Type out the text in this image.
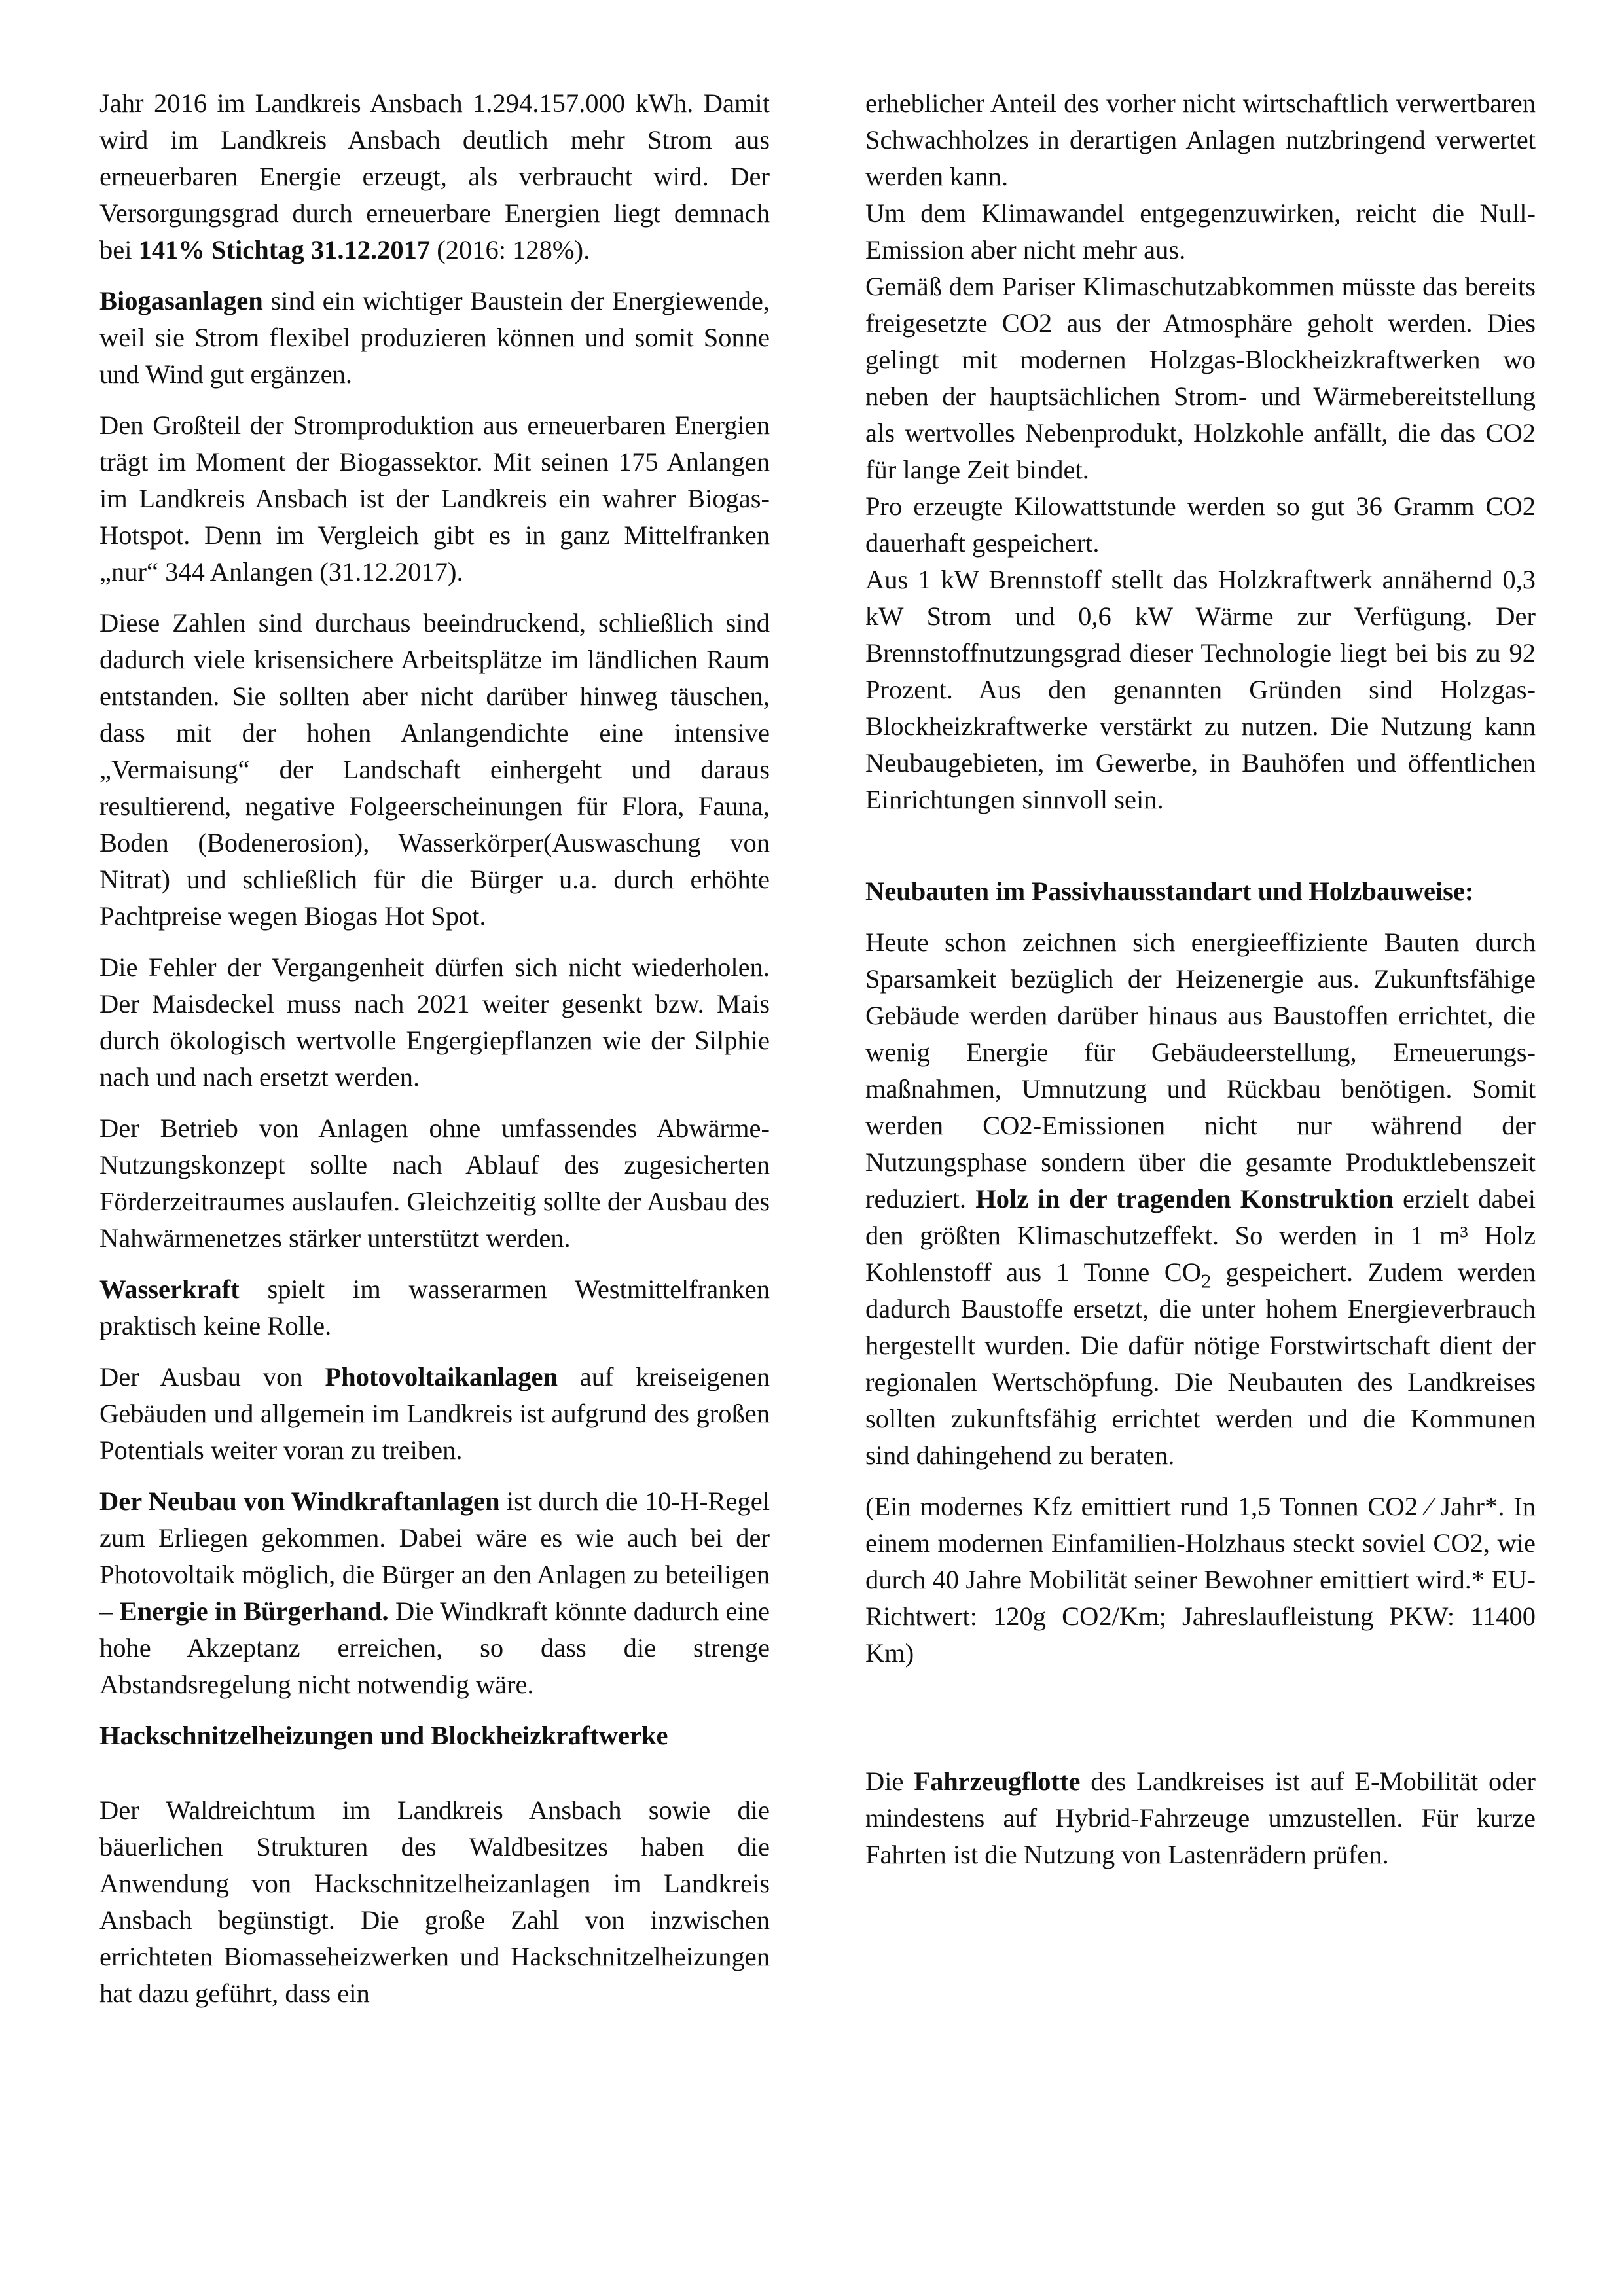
Jahr 2016 im Landkreis Ansbach 1.294.157.000 kWh. Damit wird im Landkreis Ansbach deutlich mehr Strom aus erneuerbaren Energie erzeugt, als verbraucht wird. Der Versorgungsgrad durch erneuerbare Energien liegt demnach bei 141% Stichtag 31.12.2017 (2016: 128%).

Biogasanlagen sind ein wichtiger Baustein der Energiewende, weil sie Strom flexibel produzieren können und somit Sonne und Wind gut ergänzen.

Den Großteil der Stromproduktion aus erneuerbaren Energien trägt im Moment der Biogassektor. Mit seinen 175 Anlangen im Landkreis Ansbach ist der Landkreis ein wahrer Biogas-Hotspot. Denn im Vergleich gibt es in ganz Mittelfranken „nur“ 344 Anlangen (31.12.2017).

Diese Zahlen sind durchaus beeindruckend, schließlich sind dadurch viele krisensichere Arbeitsplätze im ländlichen Raum entstanden. Sie sollten aber nicht darüber hinweg täuschen, dass mit der hohen Anlangendichte eine intensive „Vermaisung“ der Landschaft einhergeht und daraus resultierend, negative Folgeerscheinungen für Flora, Fauna, Boden (Bodenerosion), Wasserkörper(Auswaschung von Nitrat) und schließlich für die Bürger u.a. durch erhöhte Pachtpreise wegen Biogas Hot Spot.

Die Fehler der Vergangenheit dürfen sich nicht wiederholen. Der Maisdeckel muss nach 2021 weiter gesenkt bzw. Mais durch ökologisch wertvolle Engergiepflanzen wie der Silphie nach und nach ersetzt werden.

Der Betrieb von Anlagen ohne umfassendes Abwärme-Nutzungskonzept sollte nach Ablauf des zugesicherten Förderzeitraumes auslaufen. Gleichzeitig sollte der Ausbau des Nahwärmenetzes stärker unterstützt werden.

Wasserkraft spielt im wasserarmen Westmittelfranken praktisch keine Rolle.

Der Ausbau von Photovoltaikanlagen auf kreiseigenen Gebäuden und allgemein im Landkreis ist aufgrund des großen Potentials weiter voran zu treiben.

Der Neubau von Windkraftanlagen ist durch die 10-H-Regel zum Erliegen gekommen. Dabei wäre es wie auch bei der Photovoltaik möglich, die Bürger an den Anlagen zu beteiligen – Energie in Bürgerhand. Die Windkraft könnte dadurch eine hohe Akzeptanz erreichen, so dass die strenge Abstandsregelung nicht notwendig wäre.

Hackschnitzelheizungen und Blockheizkraftwerke

Der Waldreichtum im Landkreis Ansbach sowie die bäuerlichen Strukturen des Waldbesitzes haben die Anwendung von Hackschnitzelheizanlagen im Landkreis Ansbach begünstigt. Die große Zahl von inzwischen errichteten Biomasseheizwerken und Hackschnitzelheizungen hat dazu geführt, dass ein

erheblicher Anteil des vorher nicht wirtschaftlich verwertbaren Schwachholzes in derartigen Anlagen nutzbringend verwertet werden kann.

Um dem Klimawandel entgegenzuwirken, reicht die Null-Emission aber nicht mehr aus.

Gemäß dem Pariser Klimaschutzabkommen müsste das bereits freigesetzte CO2 aus der Atmosphäre geholt werden. Dies gelingt mit modernen Holzgas-Blockheizkraftwerken wo neben der hauptsächlichen Strom- und Wärmebereitstellung als wertvolles Nebenprodukt, Holzkohle anfällt, die das CO2 für lange Zeit bindet.

Pro erzeugte Kilowattstunde werden so gut 36 Gramm CO2 dauerhaft gespeichert.

Aus 1 kW Brennstoff stellt das Holzkraftwerk annähernd 0,3 kW Strom und 0,6 kW Wärme zur Verfügung. Der Brennstoffnutzungsgrad dieser Technologie liegt bei bis zu 92 Prozent. Aus den genannten Gründen sind Holzgas-Blockheizkraftwerke verstärkt zu nutzen. Die Nutzung kann Neubaugebieten, im Gewerbe, in Bauhöfen und öffentlichen Einrichtungen sinnvoll sein.

Neubauten im Passivhausstandart und Holzbauweise:

Heute schon zeichnen sich energieeffiziente Bauten durch Sparsamkeit bezüglich der Heizenergie aus. Zukunftsfähige Gebäude werden darüber hinaus aus Baustoffen errichtet, die wenig Energie für Gebäudeerstellung, Erneuerungs-maßnahmen, Umnutzung und Rückbau benötigen. Somit werden CO2-Emissionen nicht nur während der Nutzungsphase sondern über die gesamte Produktlebenszeit reduziert. Holz in der tragenden Konstruktion erzielt dabei den größten Klimaschutzeffekt. So werden in 1 m³ Holz Kohlenstoff aus 1 Tonne $CO_2$ gespeichert. Zudem werden dadurch Baustoffe ersetzt, die unter hohem Energieverbrauch hergestellt wurden. Die dafür nötige Forstwirtschaft dient der regionalen Wertschöpfung. Die Neubauten des Landkreises sollten zukunftsfähig errichtet werden und die Kommunen sind dahingehend zu beraten.

(Ein modernes Kfz emittiert rund 1,5 Tonnen CO2 ⁄ Jahr*. In einem modernen Einfamilien-Holzhaus steckt soviel CO2, wie durch 40 Jahre Mobilität seiner Bewohner emittiert wird.* EU-Richtwert: 120g CO2/Km; Jahreslaufleistung PKW: 11400 Km)

Die Fahrzeugflotte des Landkreises ist auf E-Mobilität oder mindestens auf Hybrid-Fahrzeuge umzustellen. Für kurze Fahrten ist die Nutzung von Lastenrädern prüfen.
